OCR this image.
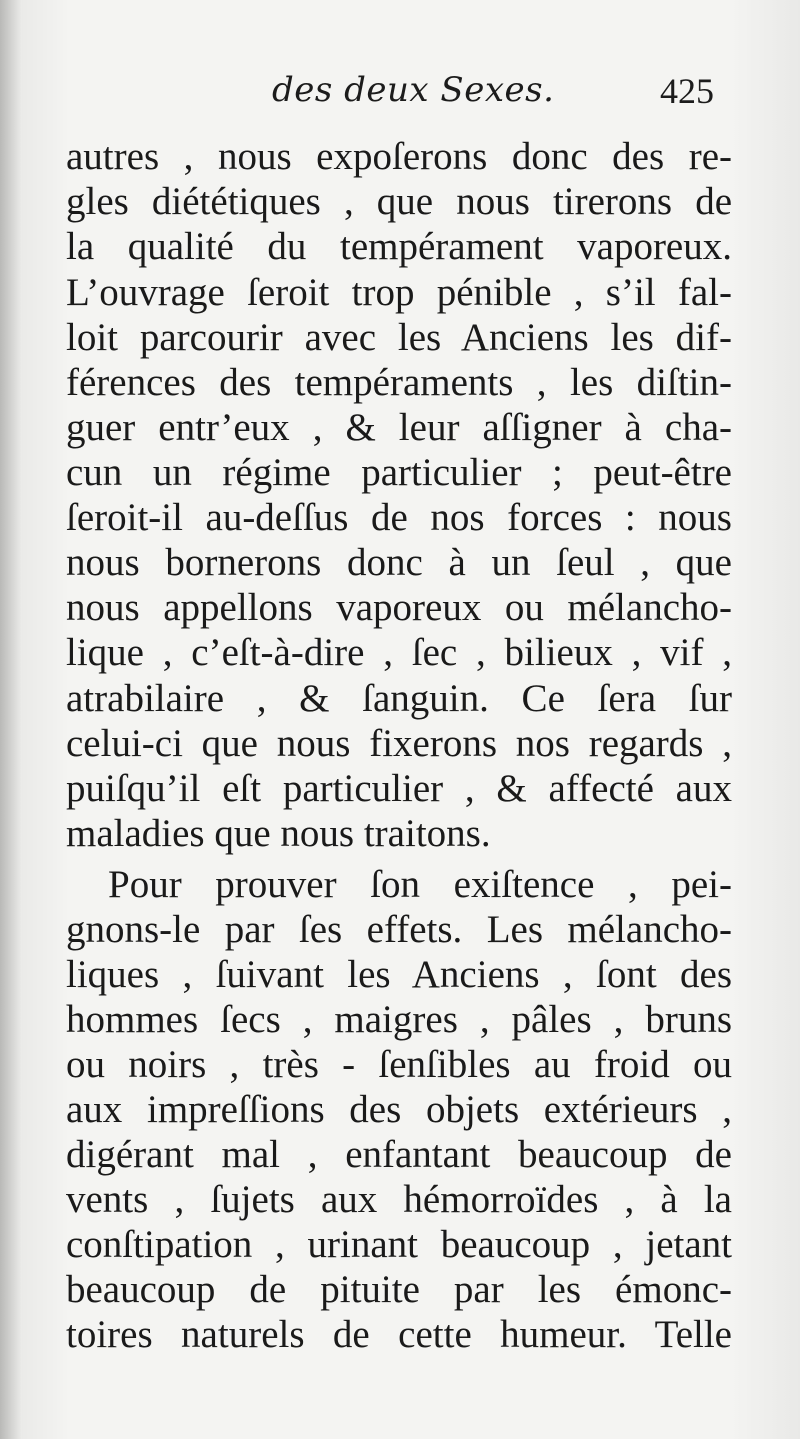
des deux Sexes.	425
autres , nous expoſerons donc des re-
gles diététiques , que nous tirerons de
la qualité du tempérament vaporeux.
L’ouvrage ſeroit trop pénible , s’il fal-
loit parcourir avec les Anciens les dif-
férences des tempéraments , les diſtin-
guer entr’eux , & leur aſſigner à cha-
cun un régime particulier ; peut-être
ſeroit-il au-deſſus de nos forces : nous
nous bornerons donc à un ſeul , que
nous appellons vaporeux ou mélancho-
lique , c’eſt-à-dire , ſec , bilieux , vif ,
atrabilaire , & ſanguin. Ce ſera ſur
celui-ci que nous fixerons nos regards ,
puiſqu’il eſt particulier , & affecté aux
maladies que nous traitons.
Pour prouver ſon exiſtence , pei-
gnons-le par ſes effets. Les mélancho-
liques , ſuivant les Anciens , ſont des
hommes ſecs , maigres , pâles , bruns
ou noirs , très - ſenſibles au froid ou
aux impreſſions des objets extérieurs ,
digérant mal , enfantant beaucoup de
vents , ſujets aux hémorroïdes , à la
conſtipation , urinant beaucoup , jetant
beaucoup de pituite par les émonc-
toires naturels de cette humeur. Telle
